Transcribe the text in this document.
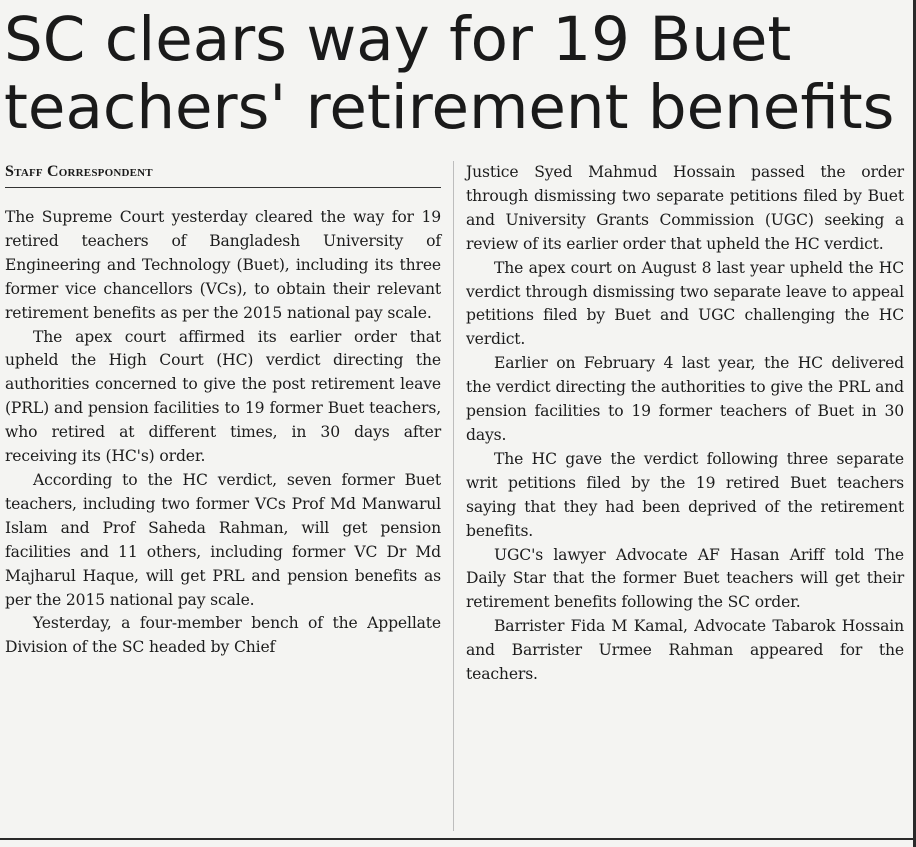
SC clears way for 19 Buet
teachers' retirement benefits
Staff Correspondent

The Supreme Court yesterday cleared the way for 19 retired teachers of Bangladesh University of Engineering and Technology (Buet), including its three former vice chancellors (VCs), to obtain their relevant retirement benefits as per the 2015 national pay scale.

The apex court affirmed its earlier order that upheld the High Court (HC) verdict directing the authorities concerned to give the post retirement leave (PRL) and pension facilities to 19 former Buet teachers, who retired at different times, in 30 days after receiving its (HC's) order.

According to the HC verdict, seven former Buet teachers, including two former VCs Prof Md Manwarul Islam and Prof Saheda Rahman, will get pension facilities and 11 others, including former VC Dr Md Majharul Haque, will get PRL and pension benefits as per the 2015 national pay scale.

Yesterday, a four-member bench of the Appellate Division of the SC headed by Chief

Justice Syed Mahmud Hossain passed the order through dismissing two separate petitions filed by Buet and University Grants Commission (UGC) seeking a review of its earlier order that upheld the HC verdict.

The apex court on August 8 last year upheld the HC verdict through dismissing two separate leave to appeal petitions filed by Buet and UGC challenging the HC verdict.

Earlier on February 4 last year, the HC delivered the verdict directing the authorities to give the PRL and pension facilities to 19 former teachers of Buet in 30 days.

The HC gave the verdict following three separate writ petitions filed by the 19 retired Buet teachers saying that they had been deprived of the retirement benefits.

UGC's lawyer Advocate AF Hasan Ariff told The Daily Star that the former Buet teachers will get their retirement benefits following the SC order.

Barrister Fida M Kamal, Advocate Tabarok Hossain and Barrister Urmee Rahman appeared for the teachers.
